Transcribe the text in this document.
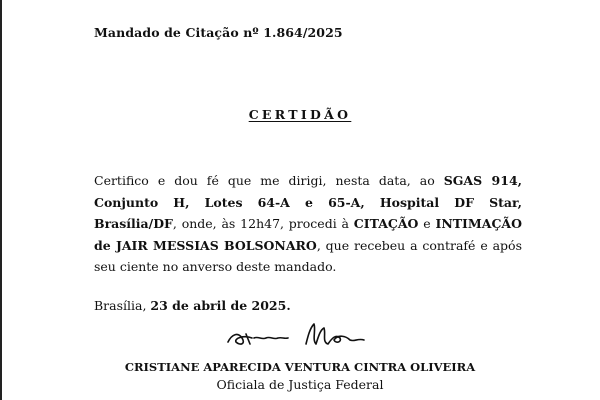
Mandado de Citação nº 1.864/2025
CERTIDÃO

Certifico e dou fé que me dirigi, nesta data, ao SGAS 914, Conjunto H, Lotes 64-A e 65-A, Hospital DF Star, Brasília/DF, onde, às 12h47, procedi à CITAÇÃO e INTIMAÇÃO de JAIR MESSIAS BOLSONARO, que recebeu a contrafé e após seu ciente no anverso deste mandado.

Brasília, 23 de abril de 2025.
CRISTIANE APARECIDA VENTURA CINTRA OLIVEIRA
Oficiala de Justiça Federal
